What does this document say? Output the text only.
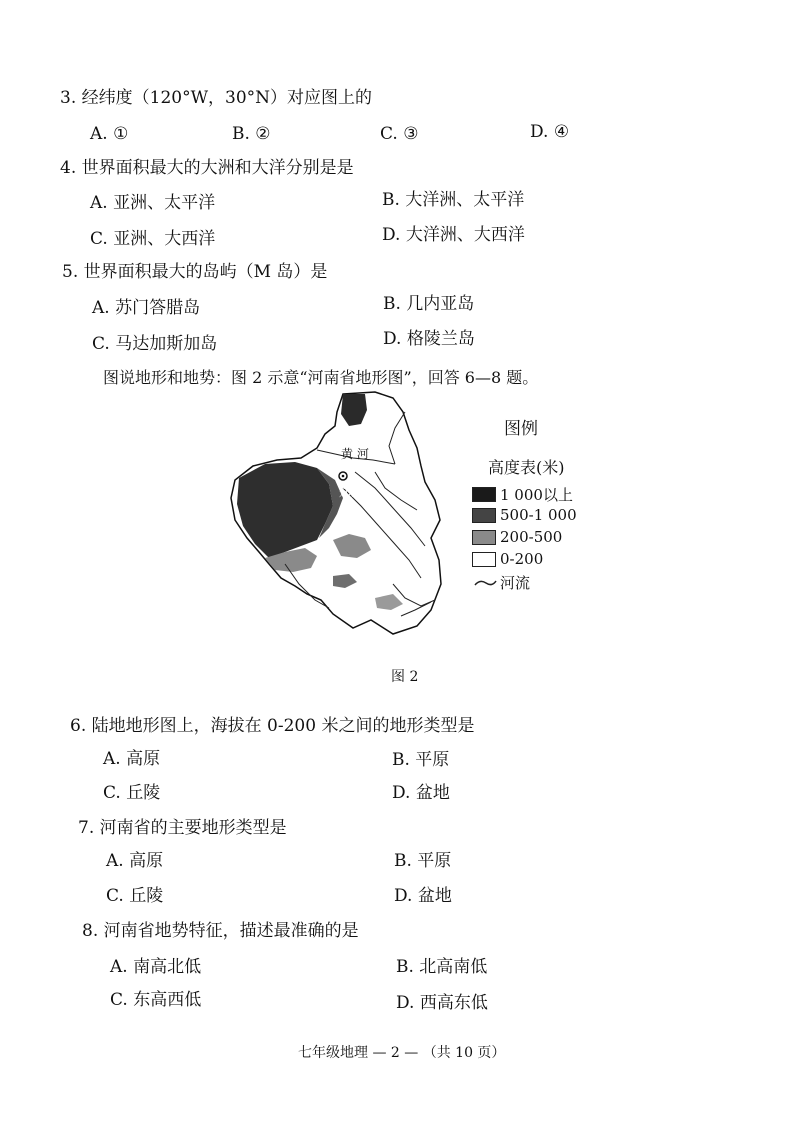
3. 经纬度（120°W，30°N）对应图上的
A. ①	B. ②	C. ③	D. ④
4. 世界面积最大的大洲和大洋分别是是
A. 亚洲、太平洋	B. 大洋洲、太平洋
C. 亚洲、大西洋	D. 大洋洲、大西洋
5. 世界面积最大的岛屿（M 岛）是
A. 苏门答腊岛	B. 几内亚岛
C. 马达加斯加岛	D. 格陵兰岛
图说地形和地势：图 2 示意“河南省地形图”，回答 6—8 题。
黄 河
郑州
图例
高度表(米)
1 000以上
500-1 000
200-500
0-200
河流
图 2
6. 陆地地形图上，海拔在 0-200 米之间的地形类型是
A. 高原	B. 平原
C. 丘陵	D. 盆地
7. 河南省的主要地形类型是
A. 高原	B. 平原
C. 丘陵	D. 盆地
8. 河南省地势特征，描述最准确的是
A. 南高北低	B. 北高南低
C. 东高西低	D. 西高东低
七年级地理 — 2 — （共 10 页）
